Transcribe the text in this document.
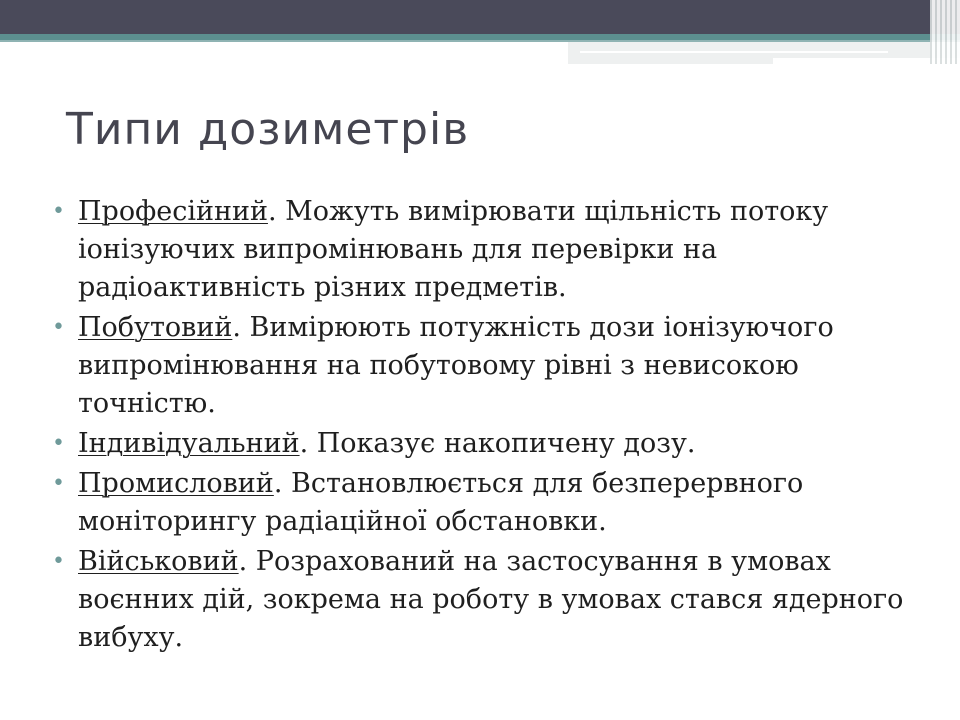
Типи дозиметрів
• Професійний. Можуть вимірювати щільність потоку іонізуючих випромінювань для перевірки на радіоактивність різних предметів.
• Побутовий. Вимірюють потужність дози іонізуючого випромінювання на побутовому рівні з невисокою точністю.
• Індивідуальний. Показує накопичену дозу.
• Промисловий. Встановлюється для безперервного моніторингу радіаційної обстановки.
• Військовий. Розрахований на застосування в умовах воєнних дій, зокрема на роботу в умовах стався ядерного вибуху.
